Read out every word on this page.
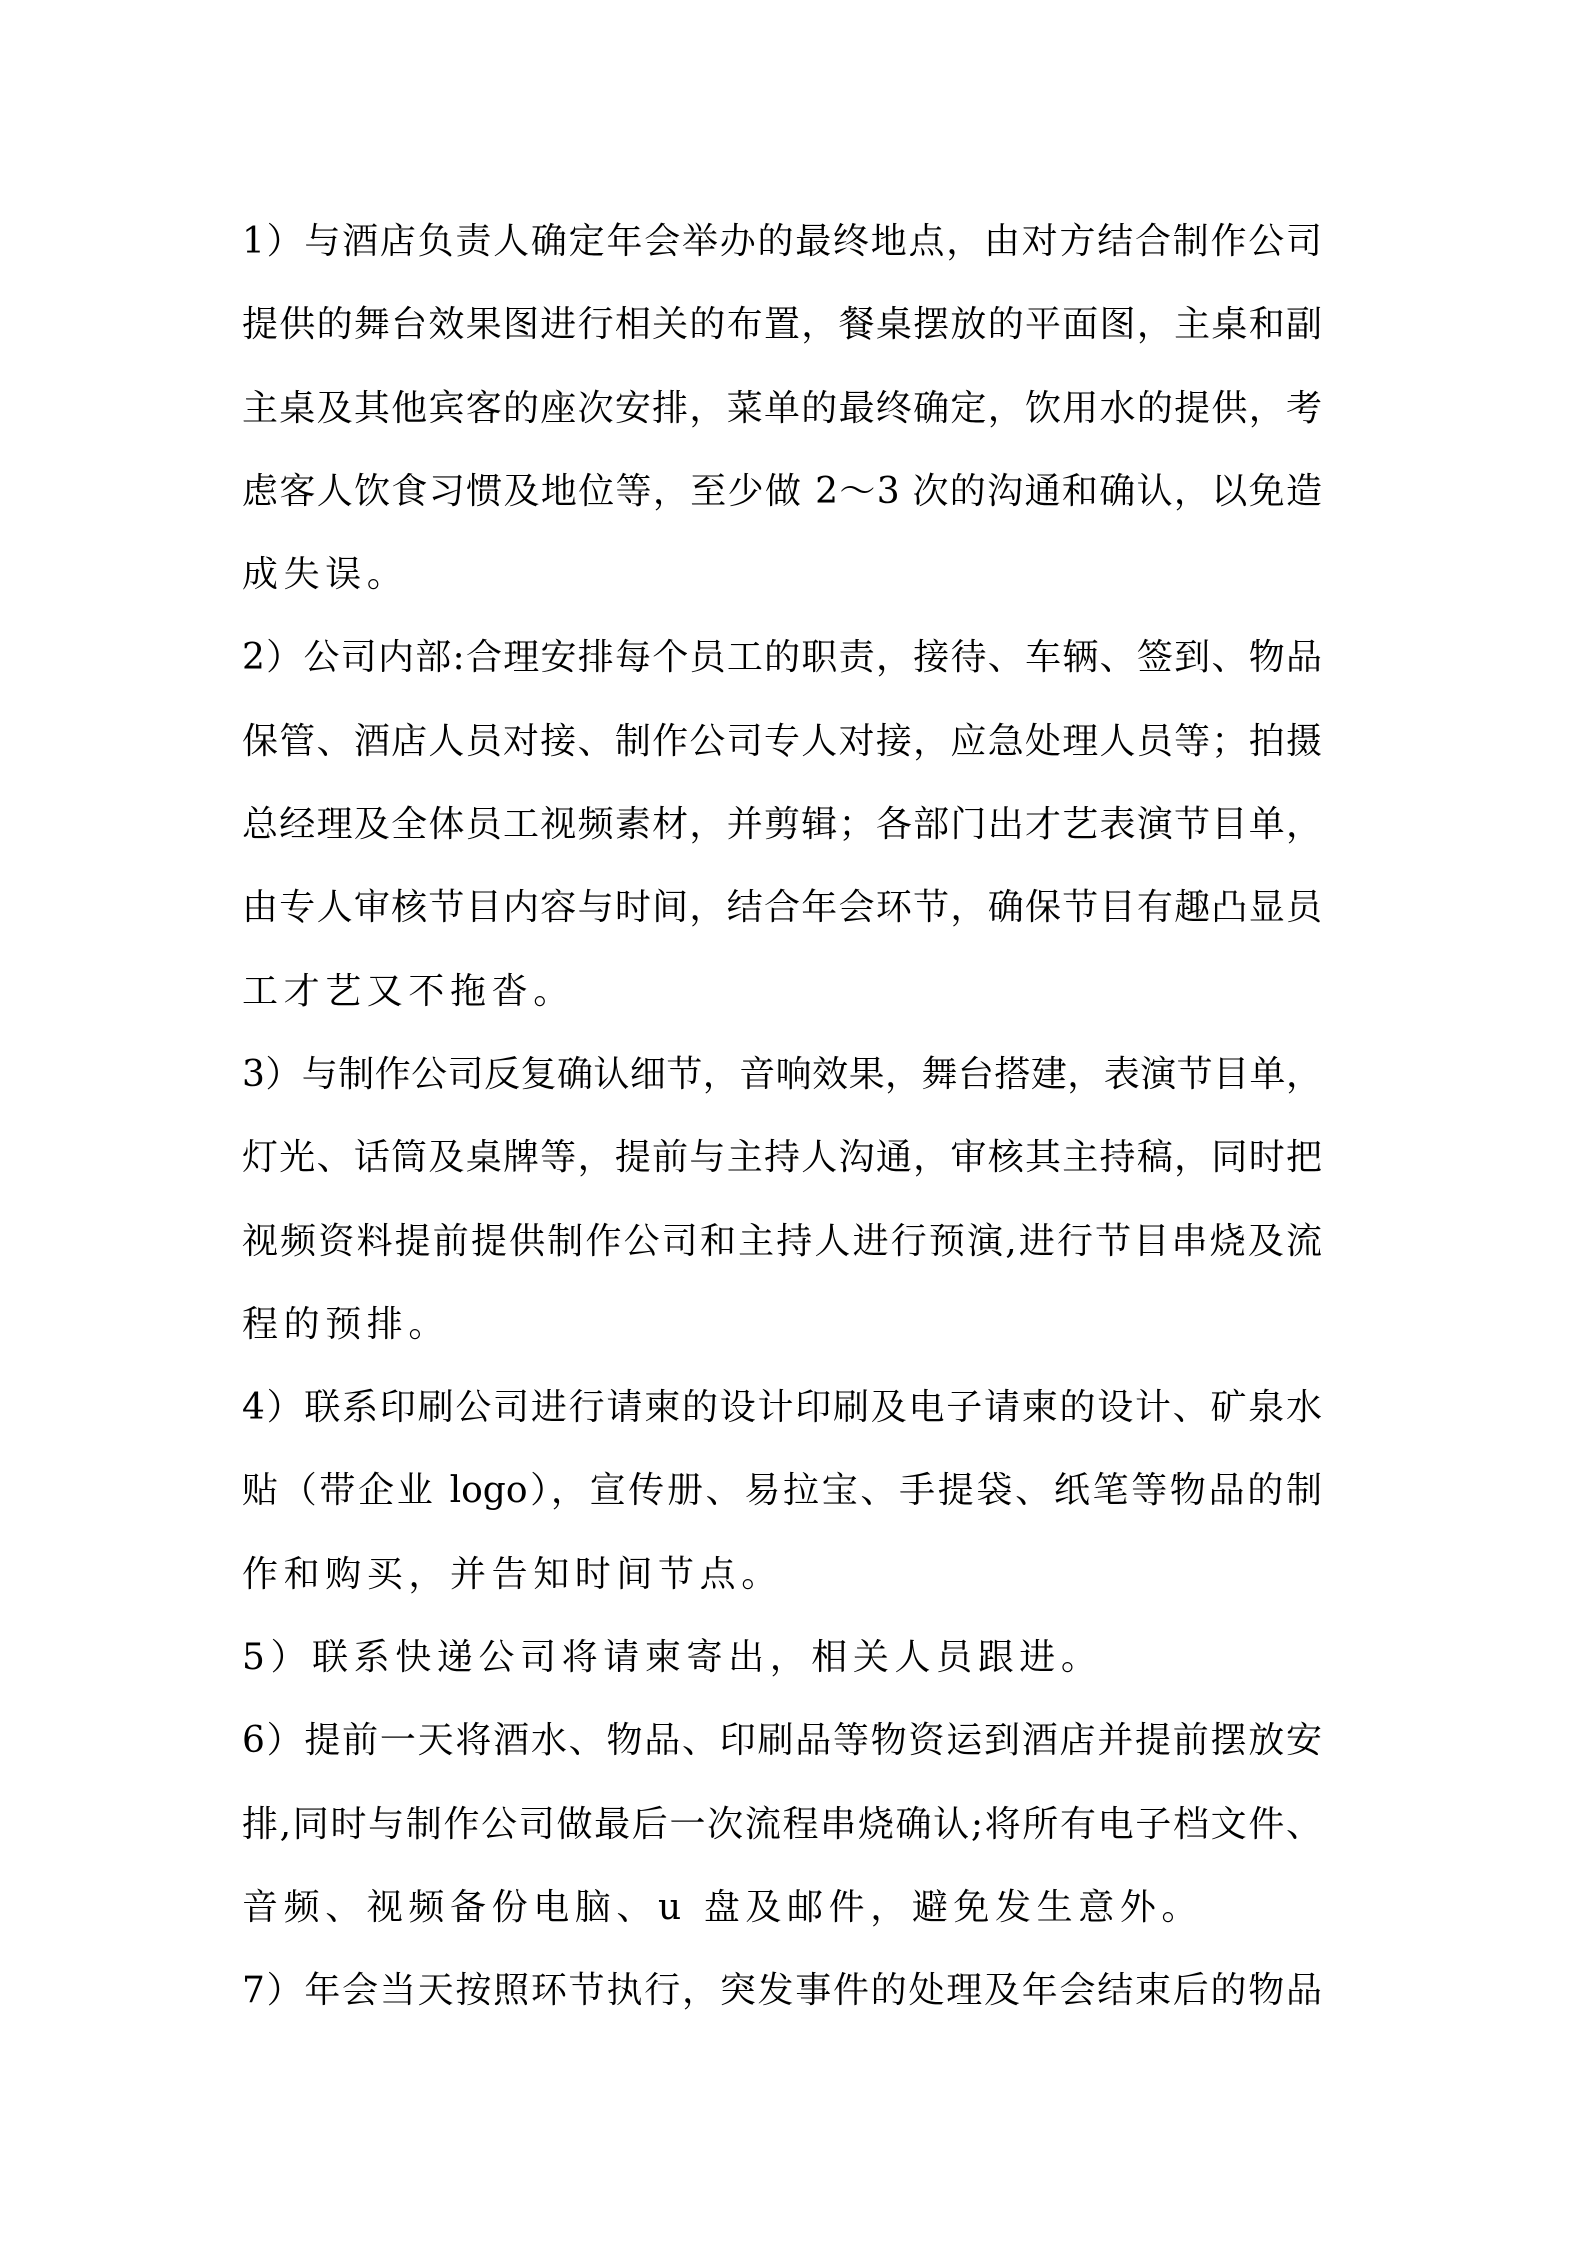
1）与酒店负责人确定年会举办的最终地点，由对方结合制作公司
提供的舞台效果图进行相关的布置，餐桌摆放的平面图，主桌和副
主桌及其他宾客的座次安排，菜单的最终确定，饮用水的提供，考
虑客人饮食习惯及地位等，至少做 2～3 次的沟通和确认，以免造
成失误。
2）公司内部:合理安排每个员工的职责，接待、车辆、签到、物品
保管、酒店人员对接、制作公司专人对接，应急处理人员等；拍摄
总经理及全体员工视频素材，并剪辑；各部门出才艺表演节目单，
由专人审核节目内容与时间，结合年会环节，确保节目有趣凸显员
工才艺又不拖沓。
3）与制作公司反复确认细节，音响效果，舞台搭建，表演节目单，
灯光、话筒及桌牌等，提前与主持人沟通，审核其主持稿，同时把
视频资料提前提供制作公司和主持人进行预演,进行节目串烧及流
程的预排。
4）联系印刷公司进行请柬的设计印刷及电子请柬的设计、矿泉水
贴（带企业 logo），宣传册、易拉宝、手提袋、纸笔等物品的制
作和购买，并告知时间节点。
5）联系快递公司将请柬寄出，相关人员跟进。
6）提前一天将酒水、物品、印刷品等物资运到酒店并提前摆放安
排,同时与制作公司做最后一次流程串烧确认;将所有电子档文件、
音频、视频备份电脑、u 盘及邮件，避免发生意外。
7）年会当天按照环节执行，突发事件的处理及年会结束后的物品
